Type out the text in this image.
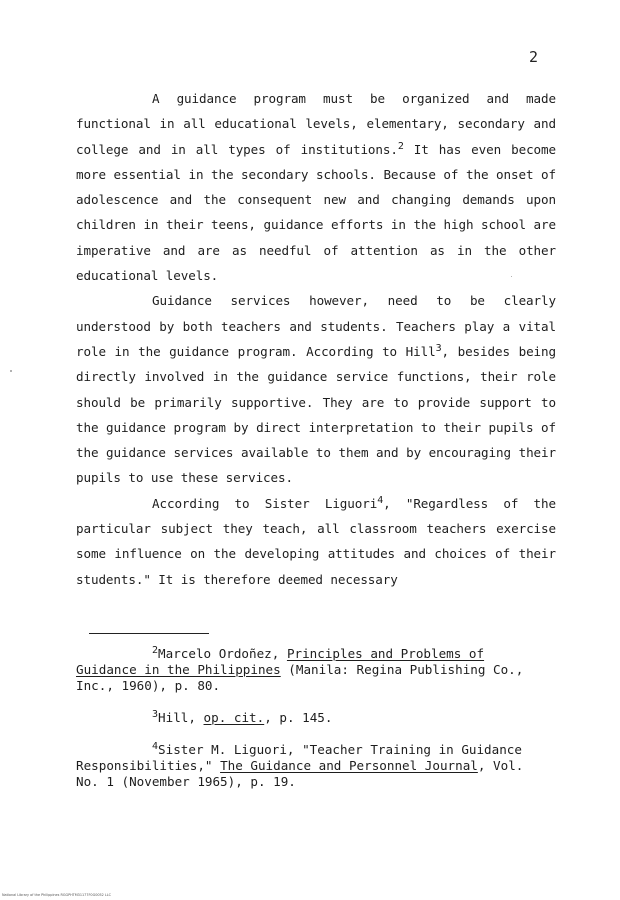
2

A guidance program must be organized and made functional in all educational levels, elementary, secondary and college and in all types of institutions.$^2$ It has even become more essential in the secondary schools. Because of the onset of adolescence and the consequent new and changing demands upon children in their teens, guidance efforts in the high school are imperative and are as needful of attention as in the other educational levels.

Guidance services however, need to be clearly understood by both teachers and students. Teachers play a vital role in the guidance program. According to Hill$^3$, besides being directly involved in the guidance service functions, their role should be primarily supportive. They are to provide support to the guidance program by direct interpretation to their pupils of the guidance services available to them and by encouraging their pupils to use these services.

According to Sister Liguori$^4$, "Regardless of the particular subject they teach, all classroom teachers exercise some influence on the developing attitudes and choices of their students." It is therefore deemed necessary

$^2$Marcelo Ordoñez, Principles and Problems of Guidance in the Philippines (Manila: Regina Publishing Co., Inc., 1960), p. 80.

$^3$Hill, op. cit., p. 145.

$^4$Sister M. Liguori, "Teacher Training in Guidance Responsibilities," The Guidance and Personnel Journal, Vol. No. 1 (November 1965), p. 19.

National Library of the Philippines RGGPHTM31177F0G0052 LLC
